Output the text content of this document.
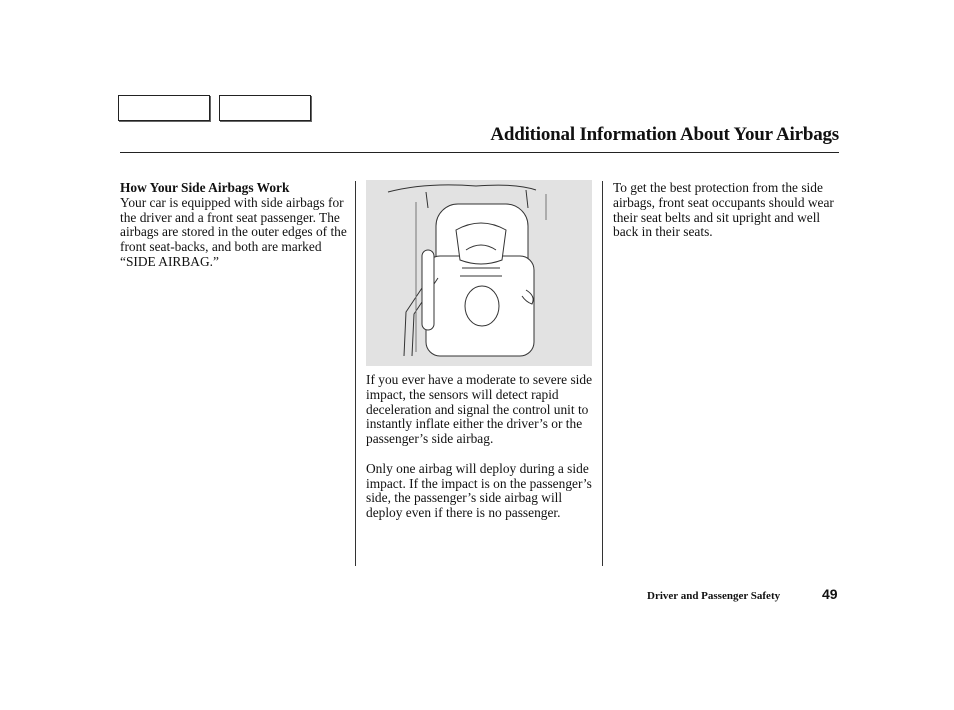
Additional Information About Your Airbags

How Your Side Airbags Work

Your car is equipped with side airbags for the driver and a front seat passenger. The airbags are stored in the outer edges of the front seat-backs, and both are marked “SIDE AIRBAG.”

If you ever have a moderate to severe side impact, the sensors will detect rapid deceleration and signal the control unit to instantly inflate either the driver’s or the passenger’s side airbag.

Only one airbag will deploy during a side impact. If the impact is on the passenger’s side, the passenger’s side airbag will deploy even if there is no passenger.

To get the best protection from the side airbags, front seat occupants should wear their seat belts and sit upright and well back in their seats.

Driver and Passenger Safety	49
